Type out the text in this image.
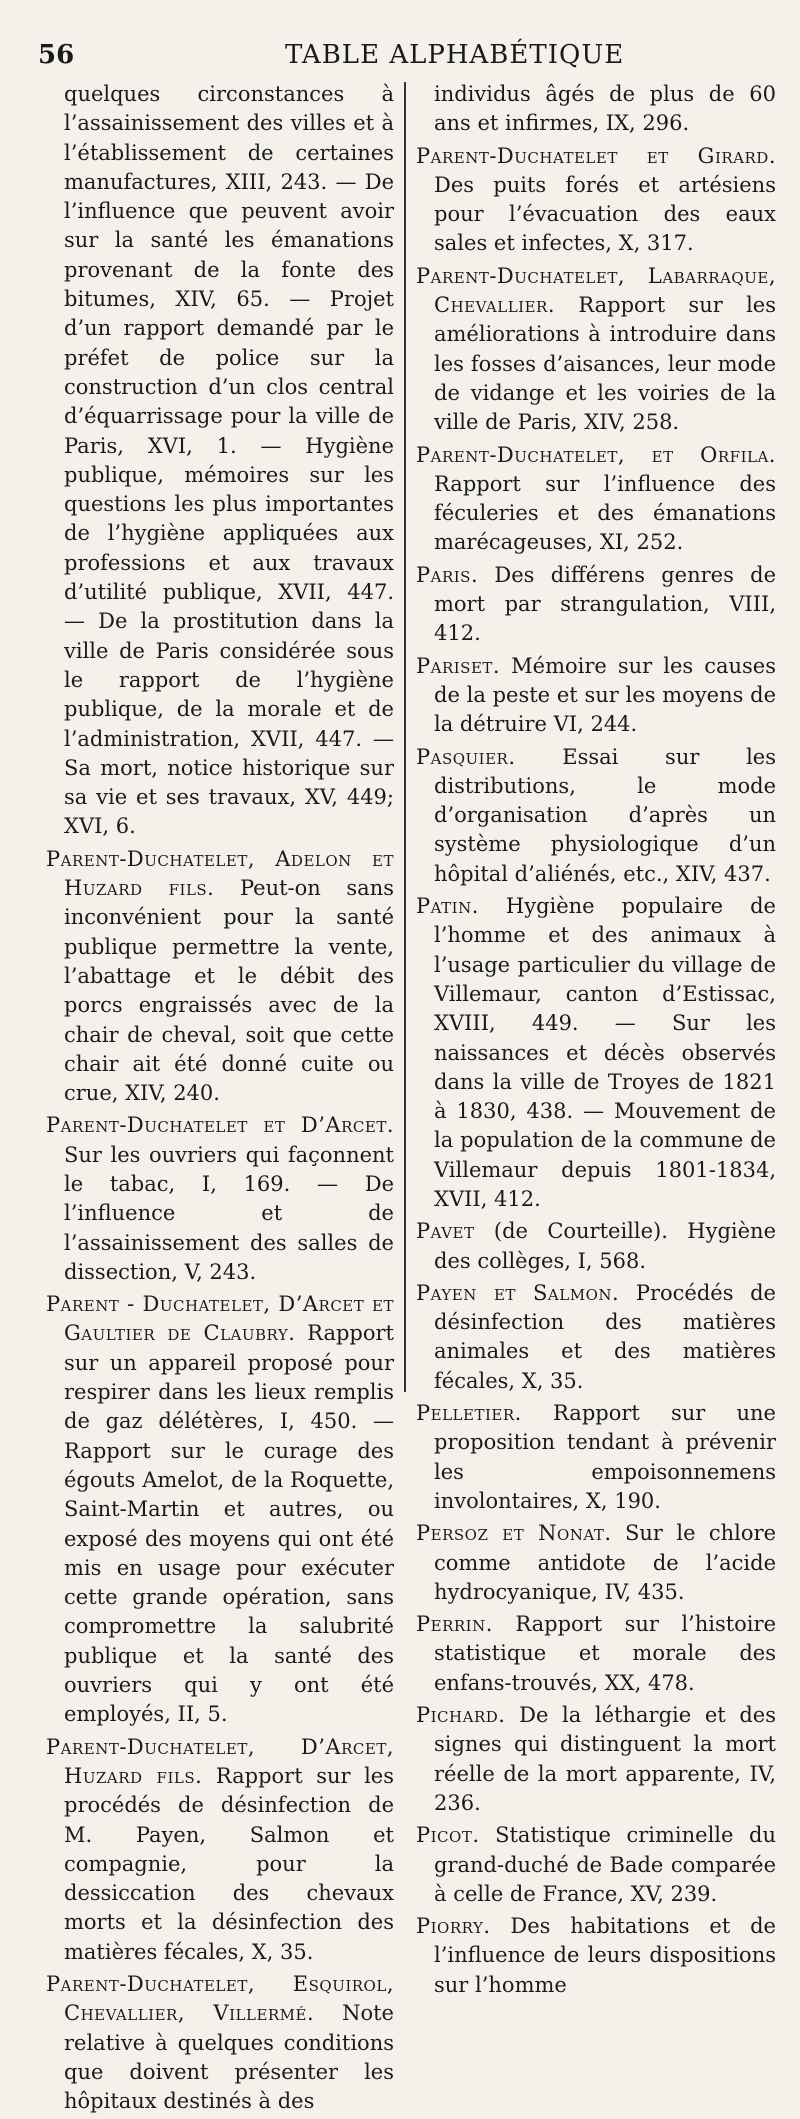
56	TABLE ALPHABÉTIQUE

quelques circonstances à l’assainissement des villes et à l’établissement de certaines manufactures, XIII, 243. — De l’influence que peuvent avoir sur la santé les émanations provenant de la fonte des bitumes, XIV, 65. — Projet d’un rapport demandé par le préfet de police sur la construction d’un clos central d’équarrissage pour la ville de Paris, XVI, 1. — Hygiène publique, mémoires sur les questions les plus importantes de l’hygiène appliquées aux professions et aux travaux d’utilité publique, XVII, 447. — De la prostitution dans la ville de Paris considérée sous le rapport de l’hygiène publique, de la morale et de l’administration, XVII, 447. — Sa mort, notice historique sur sa vie et ses travaux, XV, 449; XVI, 6.

Parent-Duchatelet, Adelon et Huzard fils. Peut-on sans inconvénient pour la santé publique permettre la vente, l’abattage et le débit des porcs engraissés avec de la chair de cheval, soit que cette chair ait été donné cuite ou crue, XIV, 240.

Parent-Duchatelet et D’Arcet. Sur les ouvriers qui façonnent le tabac, I, 169. — De l’influence et de l’assainissement des salles de dissection, V, 243.

Parent - Duchatelet, D’Arcet et Gaultier de Claubry. Rapport sur un appareil proposé pour respirer dans les lieux remplis de gaz délétères, I, 450. — Rapport sur le curage des égouts Amelot, de la Roquette, Saint-Martin et autres, ou exposé des moyens qui ont été mis en usage pour exécuter cette grande opération, sans compromettre la salubrité publique et la santé des ouvriers qui y ont été employés, II, 5.

Parent-Duchatelet, D’Arcet, Huzard fils. Rapport sur les procédés de désinfection de M. Payen, Salmon et compagnie, pour la dessiccation des chevaux morts et la désinfection des matières fécales, X, 35.

Parent-Duchatelet, Esquirol, Chevallier, Villermé. Note relative à quelques conditions que doivent présenter les hôpitaux destinés à des

individus âgés de plus de 60 ans et infirmes, IX, 296.

Parent-Duchatelet et Girard. Des puits forés et artésiens pour l’évacuation des eaux sales et infectes, X, 317.

Parent-Duchatelet, Labarraque, Chevallier. Rapport sur les améliorations à introduire dans les fosses d’aisances, leur mode de vidange et les voiries de la ville de Paris, XIV, 258.

Parent-Duchatelet, et Orfila. Rapport sur l’influence des féculeries et des émanations marécageuses, XI, 252.

Paris. Des différens genres de mort par strangulation, VIII, 412.

Pariset. Mémoire sur les causes de la peste et sur les moyens de la détruire VI, 244.

Pasquier. Essai sur les distributions, le mode d’organisation d’après un système physiologique d’un hôpital d’aliénés, etc., XIV, 437.

Patin. Hygiène populaire de l’homme et des animaux à l’usage particulier du village de Villemaur, canton d’Estissac, XVIII, 449. — Sur les naissances et décès observés dans la ville de Troyes de 1821 à 1830, 438. — Mouvement de la population de la commune de Villemaur depuis 1801-1834, XVII, 412.

Pavet (de Courteille). Hygiène des collèges, I, 568.

Payen et Salmon. Procédés de désinfection des matières animales et des matières fécales, X, 35.

Pelletier. Rapport sur une proposition tendant à prévenir les empoisonnemens involontaires, X, 190.

Persoz et Nonat. Sur le chlore comme antidote de l’acide hydrocyanique, IV, 435.

Perrin. Rapport sur l’histoire statistique et morale des enfans-trouvés, XX, 478.

Pichard. De la léthargie et des signes qui distinguent la mort réelle de la mort apparente, IV, 236.

Picot. Statistique criminelle du grand-duché de Bade comparée à celle de France, XV, 239.

Piorry. Des habitations et de l’influence de leurs dispositions sur l’homme
